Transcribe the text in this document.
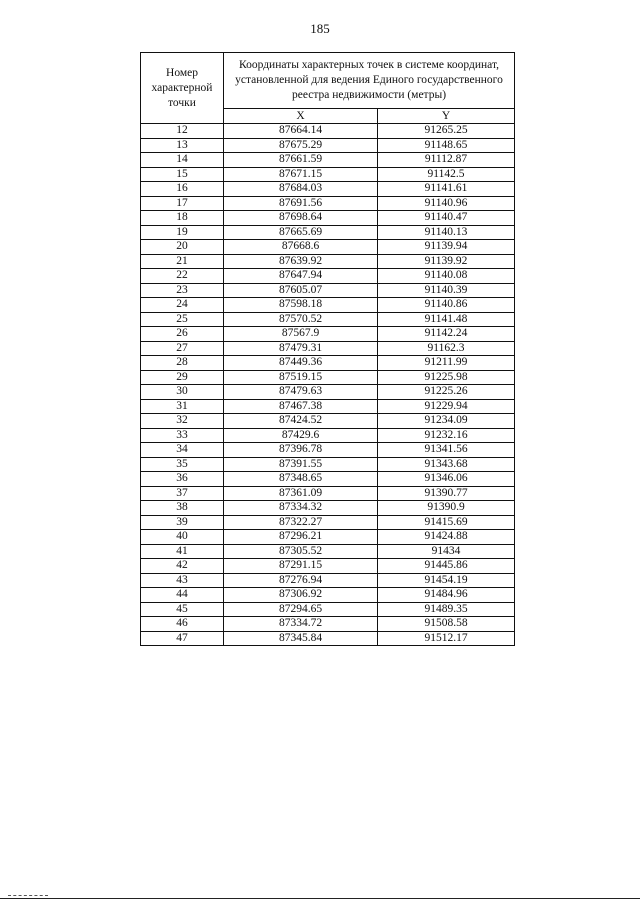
185
Номер характерной точки	Координаты характерных точек в системе координат, установленной для ведения Единого государственного реестра недвижимости (метры)	
	X	Y
12	87664.14	91265.25
13	87675.29	91148.65
14	87661.59	91112.87
15	87671.15	91142.5
16	87684.03	91141.61
17	87691.56	91140.96
18	87698.64	91140.47
19	87665.69	91140.13
20	87668.6	91139.94
21	87639.92	91139.92
22	87647.94	91140.08
23	87605.07	91140.39
24	87598.18	91140.86
25	87570.52	91141.48
26	87567.9	91142.24
27	87479.31	91162.3
28	87449.36	91211.99
29	87519.15	91225.98
30	87479.63	91225.26
31	87467.38	91229.94
32	87424.52	91234.09
33	87429.6	91232.16
34	87396.78	91341.56
35	87391.55	91343.68
36	87348.65	91346.06
37	87361.09	91390.77
38	87334.32	91390.9
39	87322.27	91415.69
40	87296.21	91424.88
41	87305.52	91434
42	87291.15	91445.86
43	87276.94	91454.19
44	87306.92	91484.96
45	87294.65	91489.35
46	87334.72	91508.58
47	87345.84	91512.17
